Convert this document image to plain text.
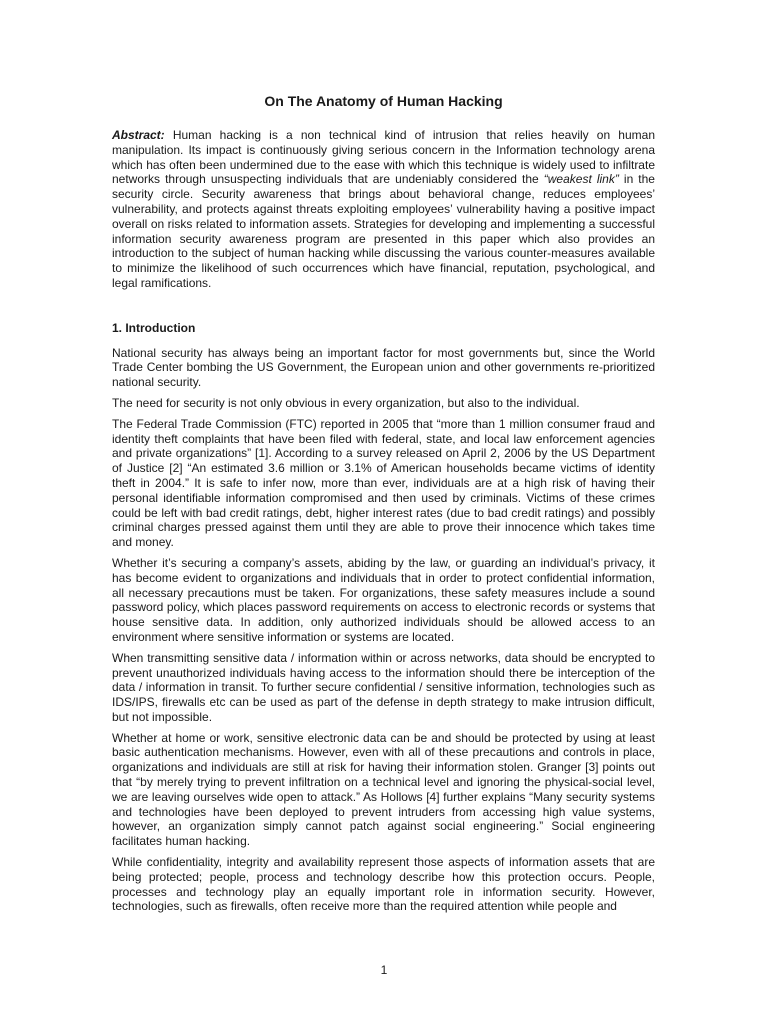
On The Anatomy of Human Hacking

Abstract: Human hacking is a non technical kind of intrusion that relies heavily on human manipulation. Its impact is continuously giving serious concern in the Information technology arena which has often been undermined due to the ease with which this technique is widely used to infiltrate networks through unsuspecting individuals that are undeniably considered the “weakest link” in the security circle. Security awareness that brings about behavioral change, reduces employees’ vulnerability, and protects against threats exploiting employees’ vulnerability having a positive impact overall on risks related to information assets. Strategies for developing and implementing a successful information security awareness program are presented in this paper which also provides an introduction to the subject of human hacking while discussing the various counter-measures available to minimize the likelihood of such occurrences which have financial, reputation, psychological, and legal ramifications.

1. Introduction

National security has always being an important factor for most governments but, since the World Trade Center bombing the US Government, the European union and other governments re-prioritized national security.

The need for security is not only obvious in every organization, but also to the individual.

The Federal Trade Commission (FTC) reported in 2005 that “more than 1 million consumer fraud and identity theft complaints that have been filed with federal, state, and local law enforcement agencies and private organizations” [1]. According to a survey released on April 2, 2006 by the US Department of Justice [2] “An estimated 3.6 million or 3.1% of American households became victims of identity theft in 2004.” It is safe to infer now, more than ever, individuals are at a high risk of having their personal identifiable information compromised and then used by criminals. Victims of these crimes could be left with bad credit ratings, debt, higher interest rates (due to bad credit ratings) and possibly criminal charges pressed against them until they are able to prove their innocence which takes time and money.

Whether it’s securing a company’s assets, abiding by the law, or guarding an individual’s privacy, it has become evident to organizations and individuals that in order to protect confidential information, all necessary precautions must be taken. For organizations, these safety measures include a sound password policy, which places password requirements on access to electronic records or systems that house sensitive data. In addition, only authorized individuals should be allowed access to an environment where sensitive information or systems are located.

When transmitting sensitive data / information within or across networks, data should be encrypted to prevent unauthorized individuals having access to the information should there be interception of the data / information in transit. To further secure confidential / sensitive information, technologies such as IDS/IPS, firewalls etc can be used as part of the defense in depth strategy to make intrusion difficult, but not impossible.

Whether at home or work, sensitive electronic data can be and should be protected by using at least basic authentication mechanisms. However, even with all of these precautions and controls in place, organizations and individuals are still at risk for having their information stolen. Granger [3] points out that “by merely trying to prevent infiltration on a technical level and ignoring the physical-social level, we are leaving ourselves wide open to attack.” As Hollows [4] further explains “Many security systems and technologies have been deployed to prevent intruders from accessing high value systems, however, an organization simply cannot patch against social engineering.” Social engineering facilitates human hacking.

While confidentiality, integrity and availability represent those aspects of information assets that are being protected; people, process and technology describe how this protection occurs. People, processes and technology play an equally important role in information security. However, technologies, such as firewalls, often receive more than the required attention while people and

1
